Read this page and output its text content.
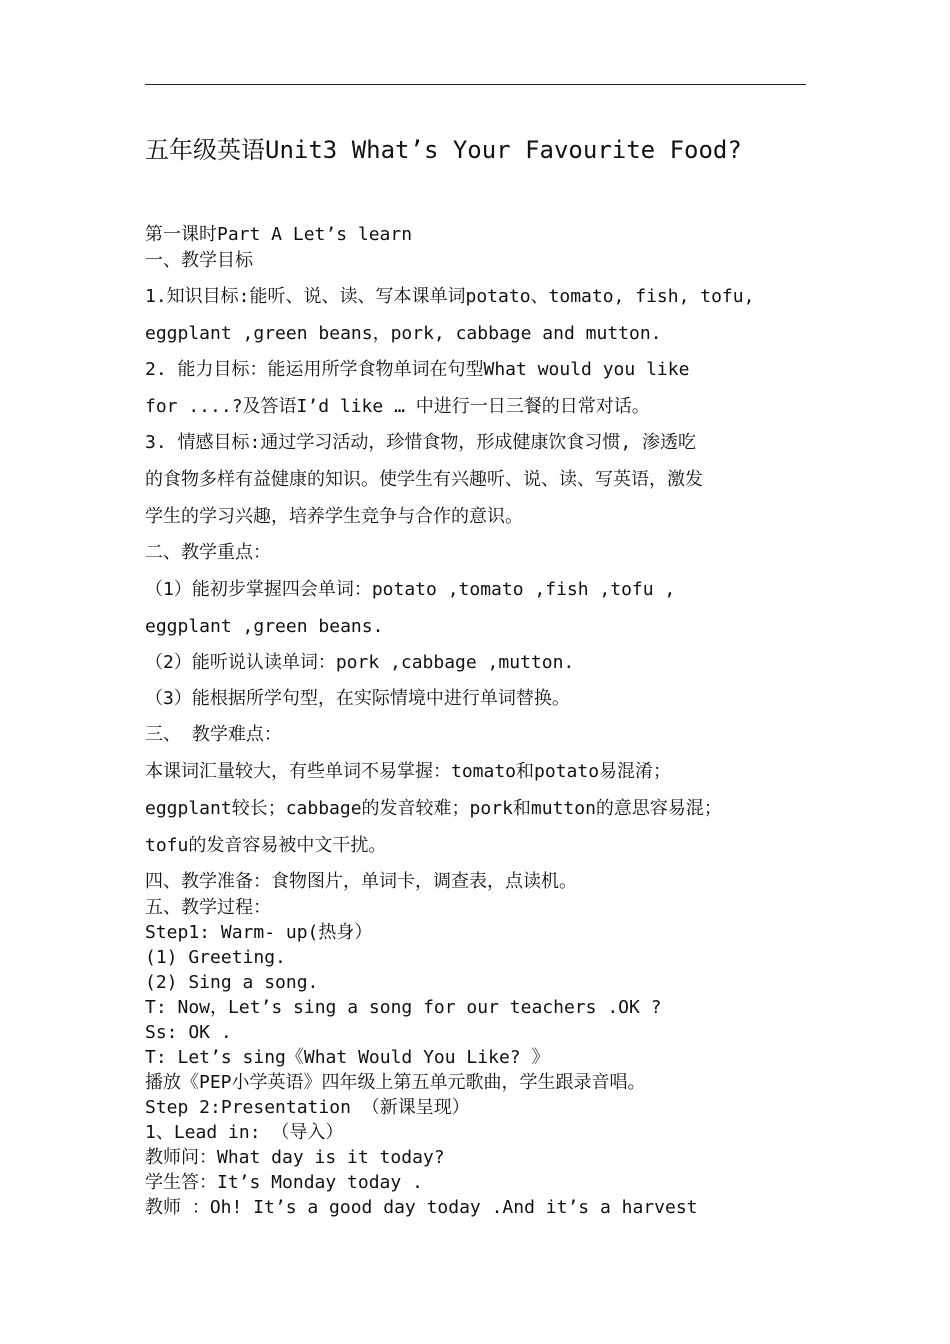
五年级英语Unit3 What’s Your Favourite Food?
第一课时Part A Let’s learn
一、教学目标
1.知识目标:能听、说、读、写本课单词potato、tomato, fish, tofu,
eggplant ,green beans，pork, cabbage and mutton.
2. 能力目标：能运用所学食物单词在句型What would you like
for ....?及答语I’d like … 中进行一日三餐的日常对话。
3. 情感目标:通过学习活动，珍惜食物，形成健康饮食习惯, 渗透吃
的食物多样有益健康的知识。使学生有兴趣听、说、读、写英语，激发
学生的学习兴趣，培养学生竞争与合作的意识。
二、教学重点：
（1）能初步掌握四会单词：potato ,tomato ,fish ,tofu ,
eggplant ,green beans.
（2）能听说认读单词：pork ,cabbage ,mutton.
（3）能根据所学句型，在实际情境中进行单词替换。
三、 教学难点：
本课词汇量较大，有些单词不易掌握：tomato和potato易混淆；
eggplant较长；cabbage的发音较难；pork和mutton的意思容易混；
tofu的发音容易被中文干扰。
四、教学准备：食物图片，单词卡，调查表，点读机。
五、教学过程：
Step1: Warm- up(热身）
(1) Greeting.
(2) Sing a song.
T: Now，Let’s sing a song for our teachers .OK ?
Ss: OK .
T: Let’s sing《What Would You Like? 》
播放《PEP小学英语》四年级上第五单元歌曲，学生跟录音唱。
Step 2:Presentation （新课呈现）
1、Lead in: （导入）
教师问：What day is it today?
学生答：It’s Monday today .
教师 ：Oh! It’s a good day today .And it’s a harvest
